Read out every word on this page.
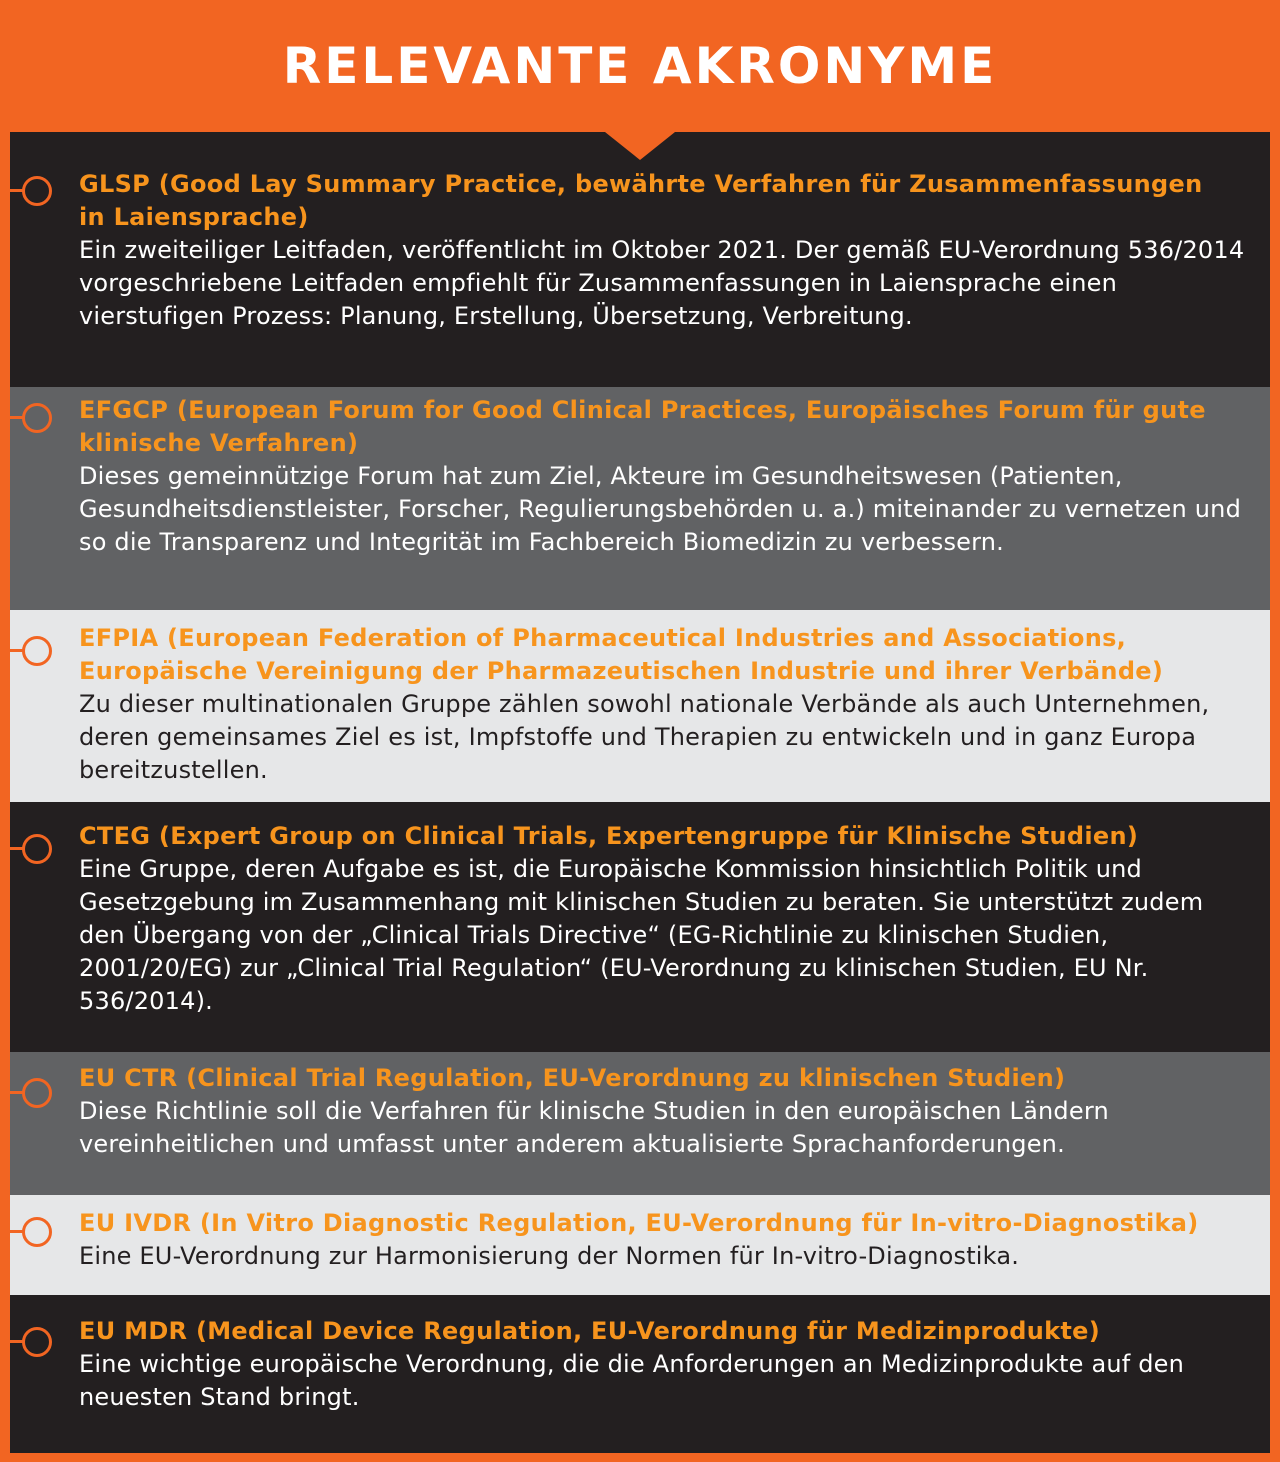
RELEVANTE AKRONYME

GLSP (Good Lay Summary Practice, bewährte Verfahren für Zusammenfassungen in Laiensprache)

Ein zweiteiliger Leitfaden, veröffentlicht im Oktober 2021. Der gemäß EU-Verordnung 536/2014 vorgeschriebene Leitfaden empfiehlt für Zusammenfassungen in Laiensprache einen vierstufigen Prozess: Planung, Erstellung, Übersetzung, Verbreitung.

EFGCP (European Forum for Good Clinical Practices, Europäisches Forum für gute klinische Verfahren)

Dieses gemeinnützige Forum hat zum Ziel, Akteure im Gesundheitswesen (Patienten, Gesundheitsdienstleister, Forscher, Regulierungsbehörden u. a.) miteinander zu vernetzen und so die Transparenz und Integrität im Fachbereich Biomedizin zu verbessern.

EFPIA (European Federation of Pharmaceutical Industries and Associations, Europäische Vereinigung der Pharmazeutischen Industrie und ihrer Verbände)

Zu dieser multinationalen Gruppe zählen sowohl nationale Verbände als auch Unternehmen, deren gemeinsames Ziel es ist, Impfstoffe und Therapien zu entwickeln und in ganz Europa bereitzustellen.

CTEG (Expert Group on Clinical Trials, Expertengruppe für Klinische Studien)

Eine Gruppe, deren Aufgabe es ist, die Europäische Kommission hinsichtlich Politik und Gesetzgebung im Zusammenhang mit klinischen Studien zu beraten. Sie unterstützt zudem den Übergang von der „Clinical Trials Directive“ (EG-Richtlinie zu klinischen Studien, 2001/20/EG) zur „Clinical Trial Regulation“ (EU-Verordnung zu klinischen Studien, EU Nr. 536/2014).

EU CTR (Clinical Trial Regulation, EU-Verordnung zu klinischen Studien)

Diese Richtlinie soll die Verfahren für klinische Studien in den europäischen Ländern vereinheitlichen und umfasst unter anderem aktualisierte Sprachanforderungen.

EU IVDR (In Vitro Diagnostic Regulation, EU-Verordnung für In-vitro-Diagnostika)

Eine EU-Verordnung zur Harmonisierung der Normen für In-vitro-Diagnostika.

EU MDR (Medical Device Regulation, EU-Verordnung für Medizinprodukte)

Eine wichtige europäische Verordnung, die die Anforderungen an Medizinprodukte auf den neuesten Stand bringt.
